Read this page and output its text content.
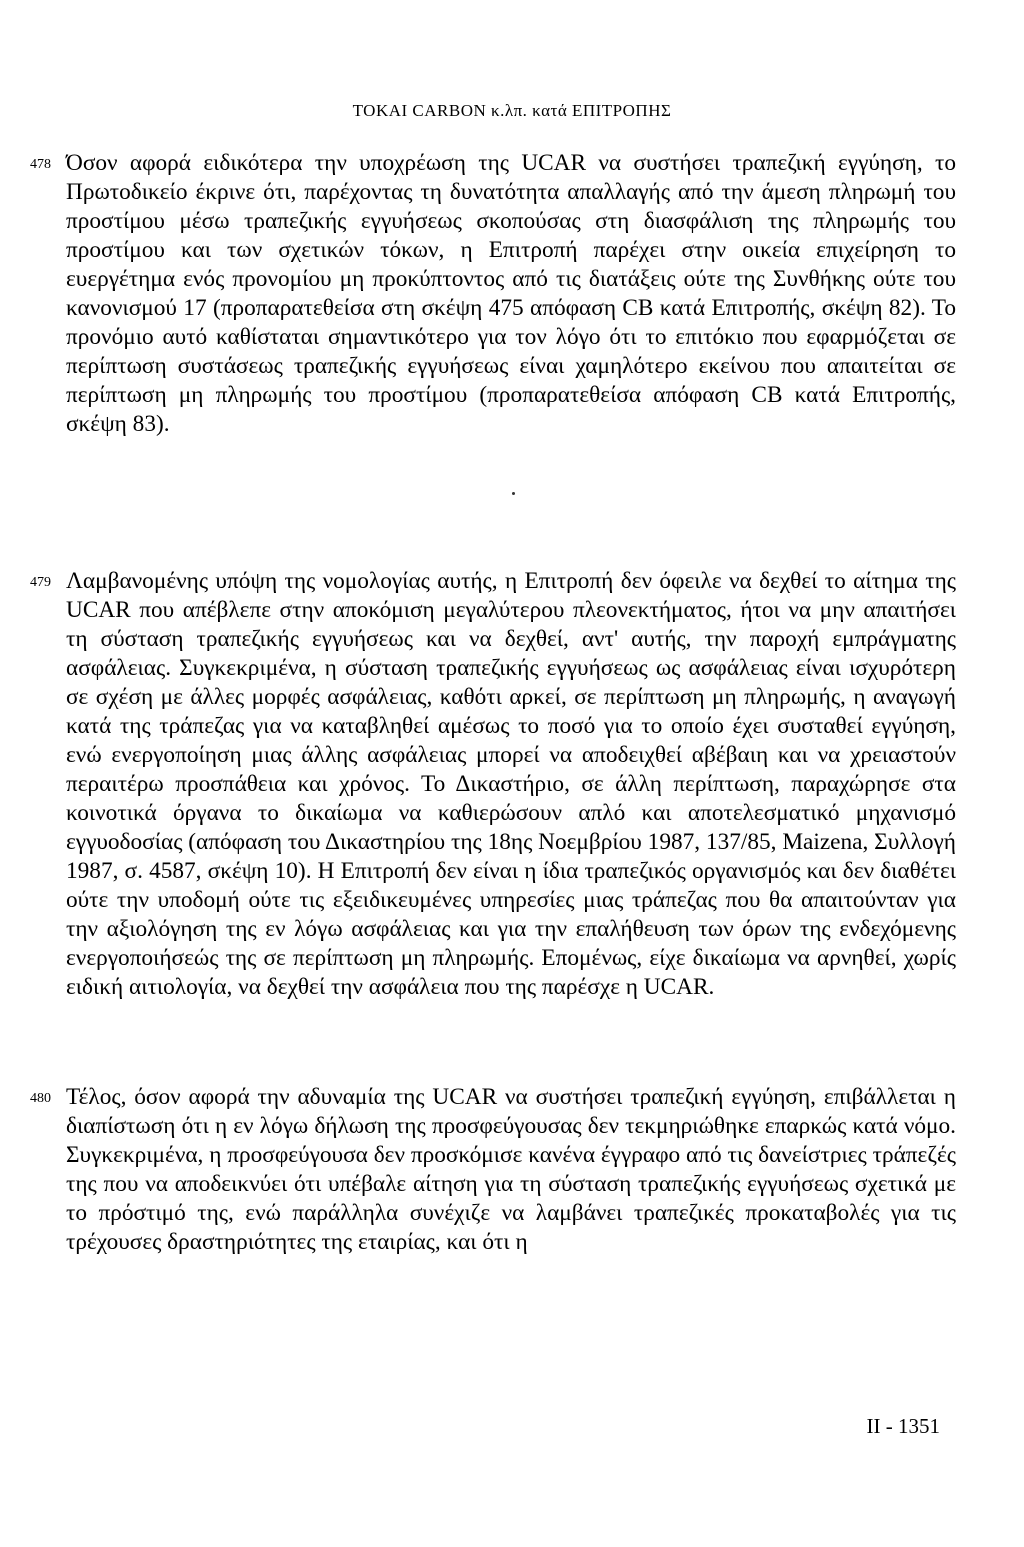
TOKAI CARBON κ.λπ. κατά ΕΠΙΤΡΟΠΗΣ
478 Όσον αφορά ειδικότερα την υποχρέωση της UCAR να συστήσει τραπεζική εγγύηση, το Πρωτοδικείο έκρινε ότι, παρέχοντας τη δυνατότητα απαλλαγής από την άμεση πληρωμή του προστίμου μέσω τραπεζικής εγγυήσεως σκοπούσας στη διασφάλιση της πληρωμής του προστίμου και των σχετικών τόκων, η Επιτροπή παρέχει στην οικεία επιχείρηση το ευεργέτημα ενός προνομίου μη προκύπτοντος από τις διατάξεις ούτε της Συνθήκης ούτε του κανονισμού 17 (προπαρατεθείσα στη σκέψη 475 απόφαση CB κατά Επιτροπής, σκέψη 82). Το προνόμιο αυτό καθίσταται σημαντικότερο για τον λόγο ότι το επιτόκιο που εφαρμόζεται σε περίπτωση συστάσεως τραπεζικής εγγυήσεως είναι χαμηλότερο εκείνου που απαιτείται σε περίπτωση μη πληρωμής του προστίμου (προπαρατεθείσα απόφαση CB κατά Επιτροπής, σκέψη 83).

479 Λαμβανομένης υπόψη της νομολογίας αυτής, η Επιτροπή δεν όφειλε να δεχθεί το αίτημα της UCAR που απέβλεπε στην αποκόμιση μεγαλύτερου πλεονεκτήματος, ήτοι να μην απαιτήσει τη σύσταση τραπεζικής εγγυήσεως και να δεχθεί, αντ' αυτής, την παροχή εμπράγματης ασφάλειας. Συγκεκριμένα, η σύσταση τραπεζικής εγγυήσεως ως ασφάλειας είναι ισχυρότερη σε σχέση με άλλες μορφές ασφάλειας, καθότι αρκεί, σε περίπτωση μη πληρωμής, η αναγωγή κατά της τράπεζας για να καταβληθεί αμέσως το ποσό για το οποίο έχει συσταθεί εγγύηση, ενώ ενεργοποίηση μιας άλλης ασφάλειας μπορεί να αποδειχθεί αβέβαιη και να χρειαστούν περαιτέρω προσπάθεια και χρόνος. Το Δικαστήριο, σε άλλη περίπτωση, παραχώρησε στα κοινοτικά όργανα το δικαίωμα να καθιερώσουν απλό και αποτελεσματικό μηχανισμό εγγυοδοσίας (απόφαση του Δικαστηρίου της 18ης Νοεμβρίου 1987, 137/85, Maizena, Συλλογή 1987, σ. 4587, σκέψη 10). Η Επιτροπή δεν είναι η ίδια τραπεζικός οργανισμός και δεν διαθέτει ούτε την υποδομή ούτε τις εξειδικευμένες υπηρεσίες μιας τράπεζας που θα απαιτούνταν για την αξιολόγηση της εν λόγω ασφάλειας και για την επαλήθευση των όρων της ενδεχόμενης ενεργοποιήσεώς της σε περίπτωση μη πληρωμής. Επομένως, είχε δικαίωμα να αρνηθεί, χωρίς ειδική αιτιολογία, να δεχθεί την ασφάλεια που της παρέσχε η UCAR.

480 Τέλος, όσον αφορά την αδυναμία της UCAR να συστήσει τραπεζική εγγύηση, επιβάλλεται η διαπίστωση ότι η εν λόγω δήλωση της προσφεύγουσας δεν τεκμηριώθηκε επαρκώς κατά νόμο. Συγκεκριμένα, η προσφεύγουσα δεν προσκόμισε κανένα έγγραφο από τις δανείστριες τράπεζές της που να αποδεικνύει ότι υπέβαλε αίτηση για τη σύσταση τραπεζικής εγγυήσεως σχετικά με το πρόστιμό της, ενώ παράλληλα συνέχιζε να λαμβάνει τραπεζικές προκαταβολές για τις τρέχουσες δραστηριότητες της εταιρίας, και ότι η

II - 1351
